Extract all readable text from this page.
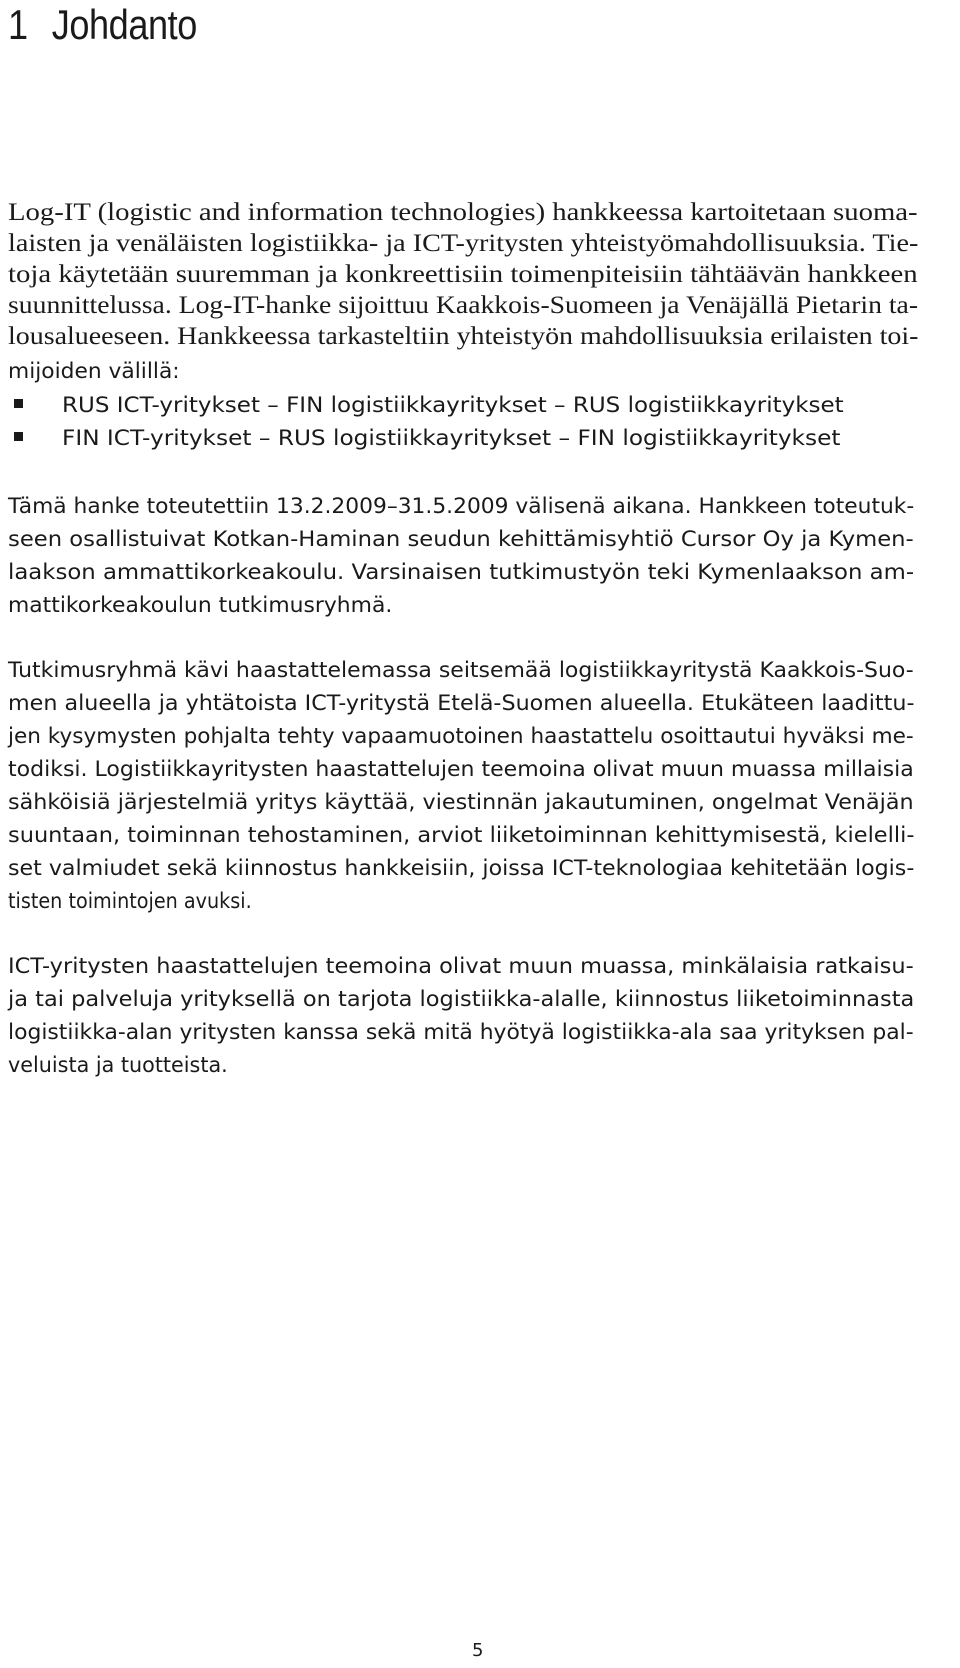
1 Johdanto
Log-IT (logistic and information technologies) hankkeessa kartoitetaan suoma-
laisten ja venäläisten logistiikka- ja ICT-yritysten yhteistyömahdollisuuksia. Tie-
toja käytetään suuremman ja konkreettisiin toimenpiteisiin tähtäävän hankkeen
suunnittelussa. Log-IT-hanke sijoittuu Kaakkois-Suomeen ja Venäjällä Pietarin ta-
lousalueeseen. Hankkeessa tarkasteltiin yhteistyön mahdollisuuksia erilaisten toi-
mijoiden välillä:
RUS ICT-yritykset – FIN logistiikkayritykset – RUS logistiikkayritykset
FIN ICT-yritykset – RUS logistiikkayritykset – FIN logistiikkayritykset
Tämä hanke toteutettiin 13.2.2009–31.5.2009 välisenä aikana. Hankkeen toteutuk-
seen osallistuivat Kotkan-Haminan seudun kehittämisyhtiö Cursor Oy ja Kymen-
laakson ammattikorkeakoulu. Varsinaisen tutkimustyön teki Kymenlaakson am-
mattikorkeakoulun tutkimusryhmä.
Tutkimusryhmä kävi haastattelemassa seitsemää logistiikkayritystä Kaakkois-Suo-
men alueella ja yhtätoista ICT-yritystä Etelä-Suomen alueella. Etukäteen laadittu-
jen kysymysten pohjalta tehty vapaamuotoinen haastattelu osoittautui hyväksi me-
todiksi. Logistiikkayritysten haastattelujen teemoina olivat muun muassa millaisia
sähköisiä järjestelmiä yritys käyttää, viestinnän jakautuminen, ongelmat Venäjän
suuntaan, toiminnan tehostaminen, arviot liiketoiminnan kehittymisestä, kielelli-
set valmiudet sekä kiinnostus hankkeisiin, joissa ICT-teknologiaa kehitetään logis-
tisten toimintojen avuksi.
ICT-yritysten haastattelujen teemoina olivat muun muassa, minkälaisia ratkaisu-
ja tai palveluja yrityksellä on tarjota logistiikka-alalle, kiinnostus liiketoiminnasta
logistiikka-alan yritysten kanssa sekä mitä hyötyä logistiikka-ala saa yrityksen pal-
veluista ja tuotteista.
5
